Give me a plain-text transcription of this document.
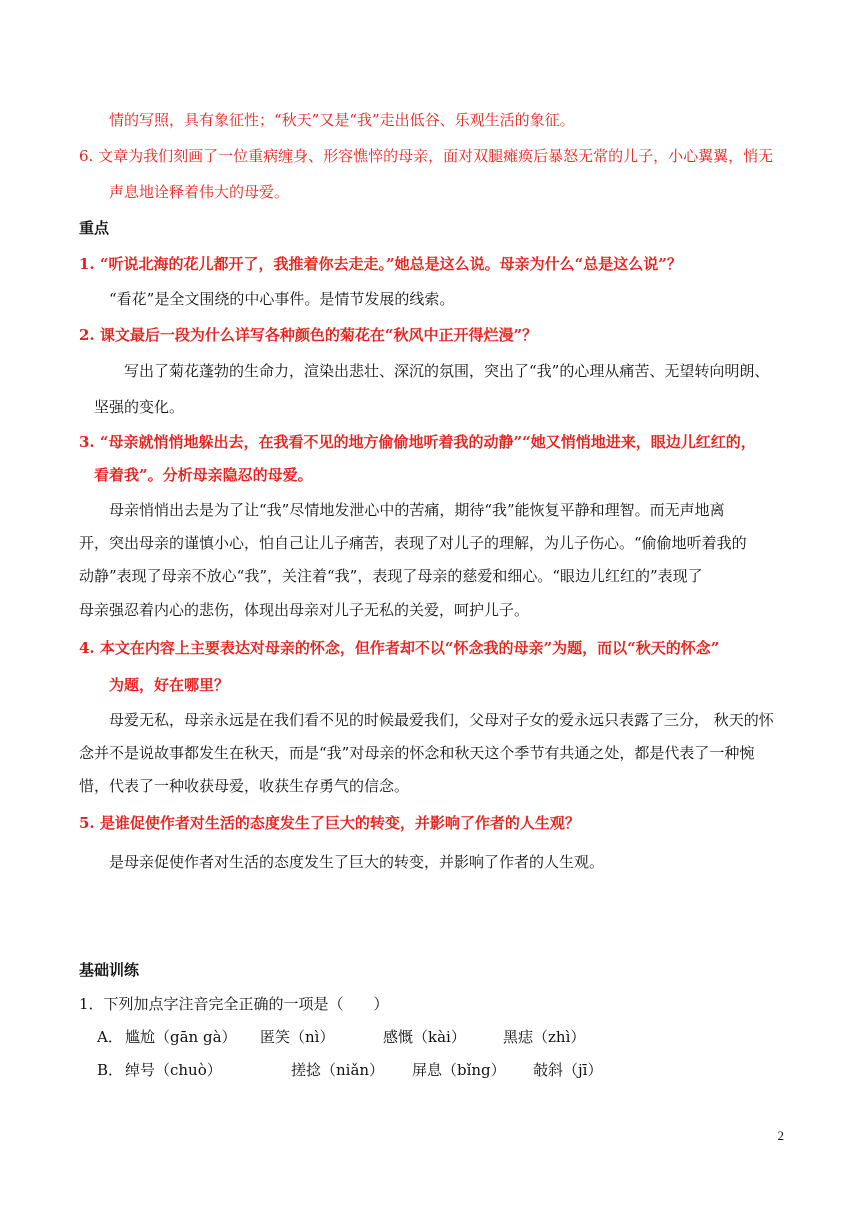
情的写照，具有象征性；“秋天”又是“我”走出低谷、乐观生活的象征。
6. 文章为我们刻画了一位重病缠身、形容憔悴的母亲，面对双腿瘫痪后暴怒无常的儿子，小心翼翼，悄无
声息地诠释着伟大的母爱。
重点
1. “听说北海的花儿都开了，我推着你去走走。”她总是这么说。母亲为什么“总是这么说”？
“看花”是全文围绕的中心事件。是情节发展的线索。
2. 课文最后一段为什么详写各种颜色的菊花在“秋风中正开得烂漫”？
写出了菊花蓬勃的生命力，渲染出悲壮、深沉的氛围，突出了“我”的心理从痛苦、无望转向明朗、
坚强的变化。
3. “母亲就悄悄地躲出去，在我看不见的地方偷偷地听着我的动静”“她又悄悄地进来，眼边儿红红的，
看着我”。分析母亲隐忍的母爱。
母亲悄悄出去是为了让“我”尽情地发泄心中的苦痛，期待“我”能恢复平静和理智。而无声地离
开，突出母亲的谨慎小心，怕自己让儿子痛苦，表现了对儿子的理解，为儿子伤心。“偷偷地听着我的
动静”表现了母亲不放心“我”，关注着“我”，表现了母亲的慈爱和细心。“眼边儿红红的”表现了
母亲强忍着内心的悲伤，体现出母亲对儿子无私的关爱，呵护儿子。
4. 本文在内容上主要表达对母亲的怀念，但作者却不以“怀念我的母亲”为题，而以“秋天的怀念”
为题，好在哪里？
母爱无私，母亲永远是在我们看不见的时候最爱我们，父母对子女的爱永远只表露了三分， 秋天的怀
念并不是说故事都发生在秋天，而是“我”对母亲的怀念和秋天这个季节有共通之处，都是代表了一种惋
惜，代表了一种收获母爱，收获生存勇气的信念。
5. 是谁促使作者对生活的态度发生了巨大的转变，并影响了作者的人生观？
是母亲促使作者对生活的态度发生了巨大的转变，并影响了作者的人生观。
基础训练
1．下列加点字注音完全正确的一项是（　　）
A． 尴尬（gān gà） 匿笑（nì）	感慨（kài） 黑痣（zhì）
B． 绰号（chuò）	搓捻（niǎn） 屏息（bǐng） 攲斜（jī）
2
